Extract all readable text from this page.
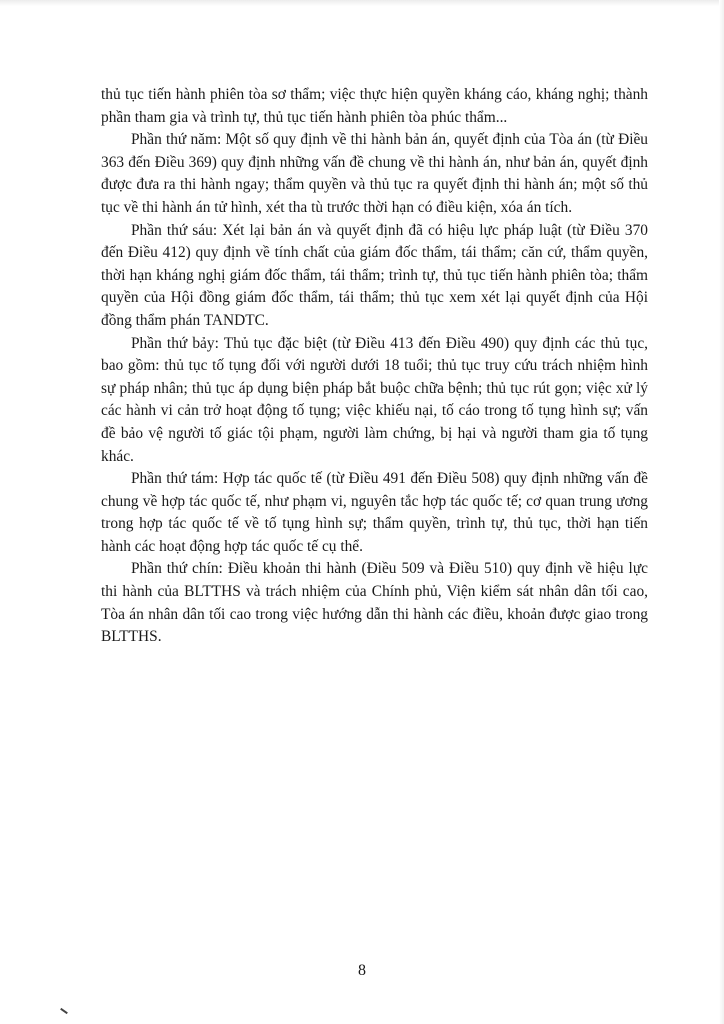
thủ tục tiến hành phiên tòa sơ thẩm; việc thực hiện quyền kháng cáo, kháng nghị; thành phần tham gia và trình tự, thủ tục tiến hành phiên tòa phúc thẩm...

Phần thứ năm: Một số quy định về thi hành bản án, quyết định của Tòa án (từ Điều 363 đến Điều 369) quy định những vấn đề chung về thi hành án, như bản án, quyết định được đưa ra thi hành ngay; thẩm quyền và thủ tục ra quyết định thi hành án; một số thủ tục về thi hành án tử hình, xét tha tù trước thời hạn có điều kiện, xóa án tích.

Phần thứ sáu: Xét lại bản án và quyết định đã có hiệu lực pháp luật (từ Điều 370 đến Điều 412) quy định về tính chất của giám đốc thẩm, tái thẩm; căn cứ, thẩm quyền, thời hạn kháng nghị giám đốc thẩm, tái thẩm; trình tự, thủ tục tiến hành phiên tòa; thẩm quyền của Hội đồng giám đốc thẩm, tái thẩm; thủ tục xem xét lại quyết định của Hội đồng thẩm phán TANDTC.

Phần thứ bảy: Thủ tục đặc biệt (từ Điều 413 đến Điều 490) quy định các thủ tục, bao gồm: thủ tục tố tụng đối với người dưới 18 tuổi; thủ tục truy cứu trách nhiệm hình sự pháp nhân; thủ tục áp dụng biện pháp bắt buộc chữa bệnh; thủ tục rút gọn; việc xử lý các hành vi cản trở hoạt động tố tụng; việc khiếu nại, tố cáo trong tố tụng hình sự; vấn đề bảo vệ người tố giác tội phạm, người làm chứng, bị hại và người tham gia tố tụng khác.

Phần thứ tám: Hợp tác quốc tế (từ Điều 491 đến Điều 508) quy định những vấn đề chung về hợp tác quốc tế, như phạm vi, nguyên tắc hợp tác quốc tế; cơ quan trung ương trong hợp tác quốc tế về tố tụng hình sự; thẩm quyền, trình tự, thủ tục, thời hạn tiến hành các hoạt động hợp tác quốc tế cụ thể.

Phần thứ chín: Điều khoản thi hành (Điều 509 và Điều 510) quy định về hiệu lực thi hành của BLTTHS và trách nhiệm của Chính phủ, Viện kiểm sát nhân dân tối cao, Tòa án nhân dân tối cao trong việc hướng dẫn thi hành các điều, khoản được giao trong BLTTHS.

8
